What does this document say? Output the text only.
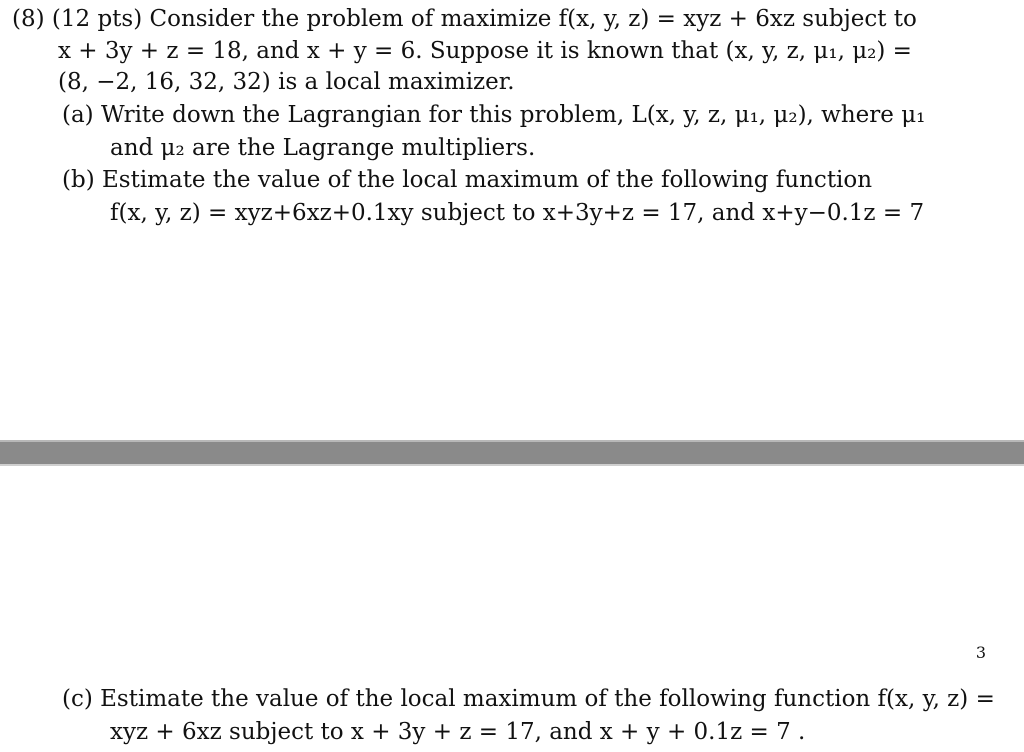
(8) (12 pts) Consider the problem of maximize f(x, y, z) = xyz + 6xz subject to
x + 3y + z = 18, and x + y = 6. Suppose it is known that (x, y, z, μ₁, μ₂) =
(8, −2, 16, 32, 32) is a local maximizer.
(a) Write down the Lagrangian for this problem, L(x, y, z, μ₁, μ₂), where μ₁
and μ₂ are the Lagrange multipliers.
(b) Estimate the value of the local maximum of the following function
f(x, y, z) = xyz+6xz+0.1xy subject to x+3y+z = 17, and x+y−0.1z = 7
3
(c) Estimate the value of the local maximum of the following function f(x, y, z) =
xyz + 6xz subject to x + 3y + z = 17, and x + y + 0.1z = 7 .
